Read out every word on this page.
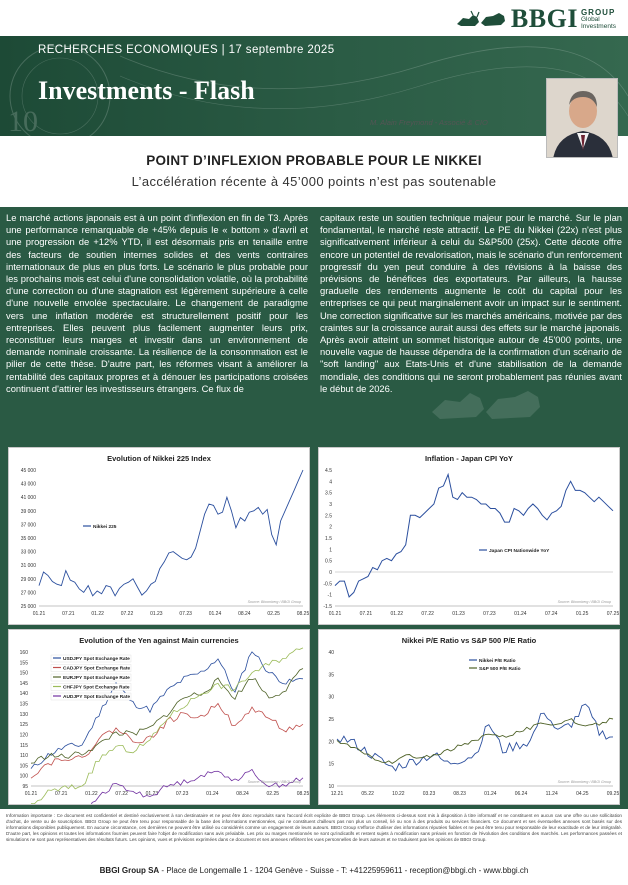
BBGI GROUP
Global
Investments
10
RECHERCHES ECONOMIQUES | 17 septembre 2025
Investments - Flash
M. Alain Freymond - Associé & CIO
POINT D’INFLEXION PROBABLE POUR LE NIKKEI
L’accélération récente à 45’000 points n’est pas soutenable
Le marché actions japonais est à un point d'inflexion en fin de T3. Après une performance remarquable de +45% depuis le « bottom » d'avril et une progression de +12% YTD, il est désormais pris en tenaille entre des facteurs de soutien internes solides et des vents contraires internationaux de plus en plus forts. Le scénario le plus probable pour les prochains mois est celui d'une consolidation volatile, où la probabilité d'une correction ou d'une stagnation est légèrement supérieure à celle d'une nouvelle envolée spectaculaire. Le changement de paradigme vers une inflation modérée est structurellement positif pour les entreprises. Elles peuvent plus facilement augmenter leurs prix, reconstituer leurs marges et investir dans un environnement de demande nominale croissante. La résilience de la consommation est le pilier de cette thèse. D'autre part, les réformes visant à améliorer la rentabilité des capitaux propres et à dénouer les participations croisées continuent d'attirer les investisseurs étrangers. Ce flux de
capitaux reste un soutien technique majeur pour le marché. Sur le plan fondamental, le marché reste attractif. Le PE du Nikkei (22x) n'est plus significativement inférieur à celui du S&P500 (25x). Cette décote offre encore un potentiel de revalorisation, mais le scénario d'un renforcement progressif du yen peut conduire à des révisions à la baisse des prévisions de bénéfices des exportateurs. Par ailleurs, la hausse graduelle des rendements augmente le coût du capital pour les entreprises ce qui peut marginalement avoir un impact sur le sentiment. Une correction significative sur les marchés américains, motivée par des craintes sur la croissance aurait aussi des effets sur le marché japonais. Après avoir atteint un sommet historique autour de 45'000 points, une nouvelle vague de hausse dépendra de la confirmation d'un scénario de "soft landing" aux Etats-Unis et d'une stabilisation de la demande mondiale, des conditions qui ne seront probablement pas réunies avant le début de 2026.
Evolution of Nikkei 225 Index
25 000
27 000
29 000
31 000
33 000
35 000
37 000
39 000
41 000
43 000
45 000
01.21	07.21	01.22	07.22	01.23	07.23	01.24	08.24	02.25	08.25
Nikkei 225
Source: Bloomberg / BBGI Group
Inflation - Japan CPI YoY
-1.5
-1
-0.5
0
0.5
1
1.5
2
2.5
3
3.5
4
4.5
01.21	07.21	01.22	07.22	01.23	07.23	01.24	07.24	01.25	07.25
Japan CPI Nationwide YoY
Source: Bloomberg / BBGI Group
Evolution of the Yen against Main currencies
95
100
105
110
115
120
125
130
135
140
145
150
155
160
01.21	07.21	01.22	07.22	01.23	07.23	01.24	08.24	02.25	08.25
USDJPY Spot Exchange Rate
CADJPY Spot Exchange Rate
EURJPY Spot Exchange Rate
CHFJPY Spot Exchange Rate
AUDJPY Spot Exchange Rate
Source: Bloomberg / BBGI Group
Nikkei P/E Ratio vs S&P 500 P/E Ratio
10
15
20
25
30
35
40
12.21	05.22	10.22	03.23	08.23	01.24	06.24	11.24	04.25	09.25
Nikkei P/E Ratio
S&P 500 P/E Ratio
Source: Bloomberg / BBGI Group
Information importante : Ce document est confidentiel et destiné exclusivement à son destinataire et ne peut être donc reproduits sans l'accord écrit explicite de BBGI Group. Les éléments ci-dessus sont mis à disposition à titre informatif et ne constituent en aucun cas une offre ou une sollicitation d'achat, de vente ou de souscription. BBGI Group ne peut être tenu pour responsable de la base des informations mentionnées, qui ne constituent d'ailleurs pas non plus un conseil, lié ou non à des produits ou services financiers. Ce document et ses éventuelles annexes sont basés sur des informations disponibles publiquement. En aucune circonstance, ces dernières ne peuvent être utilisé ou considérés comme un engagement de leurs auteurs. BBGI Group s'efforce d'utiliser des informations réputées fiables et ne peut être tenu pour responsable de leur exactitude et de leur intégralité. D'autre part, les opinions et toutes les informations fournies peuvent faire l'objet de modification sans avis préalable. Les prix ou marges mentionnés ne sont qu'indicatifs et restent sujets à modification sans préavis en fonction de l'évolution des conditions des marchés. Les performances passées et simulations ne sont pas représentatives des résultats futurs. Les opinions, vues et prévisions exprimées dans ce document et ses annexes reflètent les vues personnelles de leurs auteurs et ne traduisent pas les opinions de BBGI Group.
BBGI Group SA - Place de Longemalle 1 - 1204 Genève - Suisse - T: +41225959611 - reception@bbgi.ch - www.bbgi.ch
